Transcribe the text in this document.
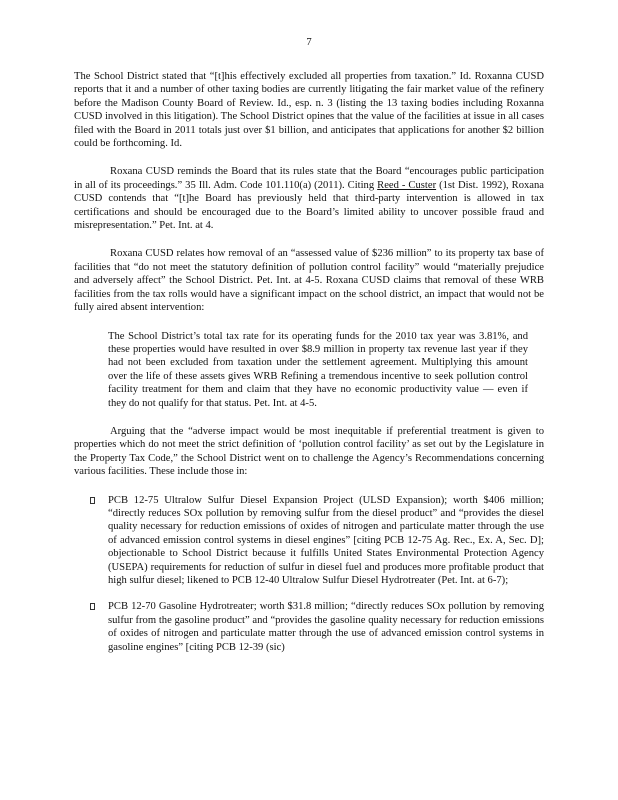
7

The School District stated that “[t]his effectively excluded all properties from taxation.” Id. Roxanna CUSD reports that it and a number of other taxing bodies are currently litigating the fair market value of the refinery before the Madison County Board of Review. Id., esp. n. 3 (listing the 13 taxing bodies including Roxanna CUSD involved in this litigation). The School District opines that the value of the facilities at issue in all cases filed with the Board in 2011 totals just over $1 billion, and anticipates that applications for another $2 billion could be forthcoming. Id.

Roxana CUSD reminds the Board that its rules state that the Board “encourages public participation in all of its proceedings.” 35 Ill. Adm. Code 101.110(a) (2011). Citing Reed - Custer (1st Dist. 1992), Roxana CUSD contends that “[t]he Board has previously held that third-party intervention is allowed in tax certifications and should be encouraged due to the Board’s limited ability to uncover possible fraud and misrepresentation.” Pet. Int. at 4.

Roxana CUSD relates how removal of an “assessed value of $236 million” to its property tax base of facilities that “do not meet the statutory definition of pollution control facility” would “materially prejudice and adversely affect” the School District. Pet. Int. at 4-5. Roxana CUSD claims that removal of these WRB facilities from the tax rolls would have a significant impact on the school district, an impact that would not be fully aired absent intervention:

The School District’s total tax rate for its operating funds for the 2010 tax year was 3.81%, and these properties would have resulted in over $8.9 million in property tax revenue last year if they had not been excluded from taxation under the settlement agreement. Multiplying this amount over the life of these assets gives WRB Refining a tremendous incentive to seek pollution control facility treatment for them and claim that they have no economic productivity value — even if they do not qualify for that status. Pet. Int. at 4-5.

Arguing that the “adverse impact would be most inequitable if preferential treatment is given to properties which do not meet the strict definition of ‘pollution control facility’ as set out by the Legislature in the Property Tax Code,” the School District went on to challenge the Agency’s Recommendations concerning various facilities. These include those in:

PCB 12-75 Ultralow Sulfur Diesel Expansion Project (ULSD Expansion); worth $406 million; “directly reduces SOx pollution by removing sulfur from the diesel product” and “provides the diesel quality necessary for reduction emissions of oxides of nitrogen and particulate matter through the use of advanced emission control systems in diesel engines” [citing PCB 12-75 Ag. Rec., Ex. A, Sec. D]; objectionable to School District because it fulfills United States Environmental Protection Agency (USEPA) requirements for reduction of sulfur in diesel fuel and produces more profitable product that high sulfur diesel; likened to PCB 12-40 Ultralow Sulfur Diesel Hydrotreater (Pet. Int. at 6-7);
PCB 12-70 Gasoline Hydrotreater; worth $31.8 million; “directly reduces SOx pollution by removing sulfur from the gasoline product” and “provides the gasoline quality necessary for reduction emissions of oxides of nitrogen and particulate matter through the use of advanced emission control systems in gasoline engines” [citing PCB 12-39 (sic)
